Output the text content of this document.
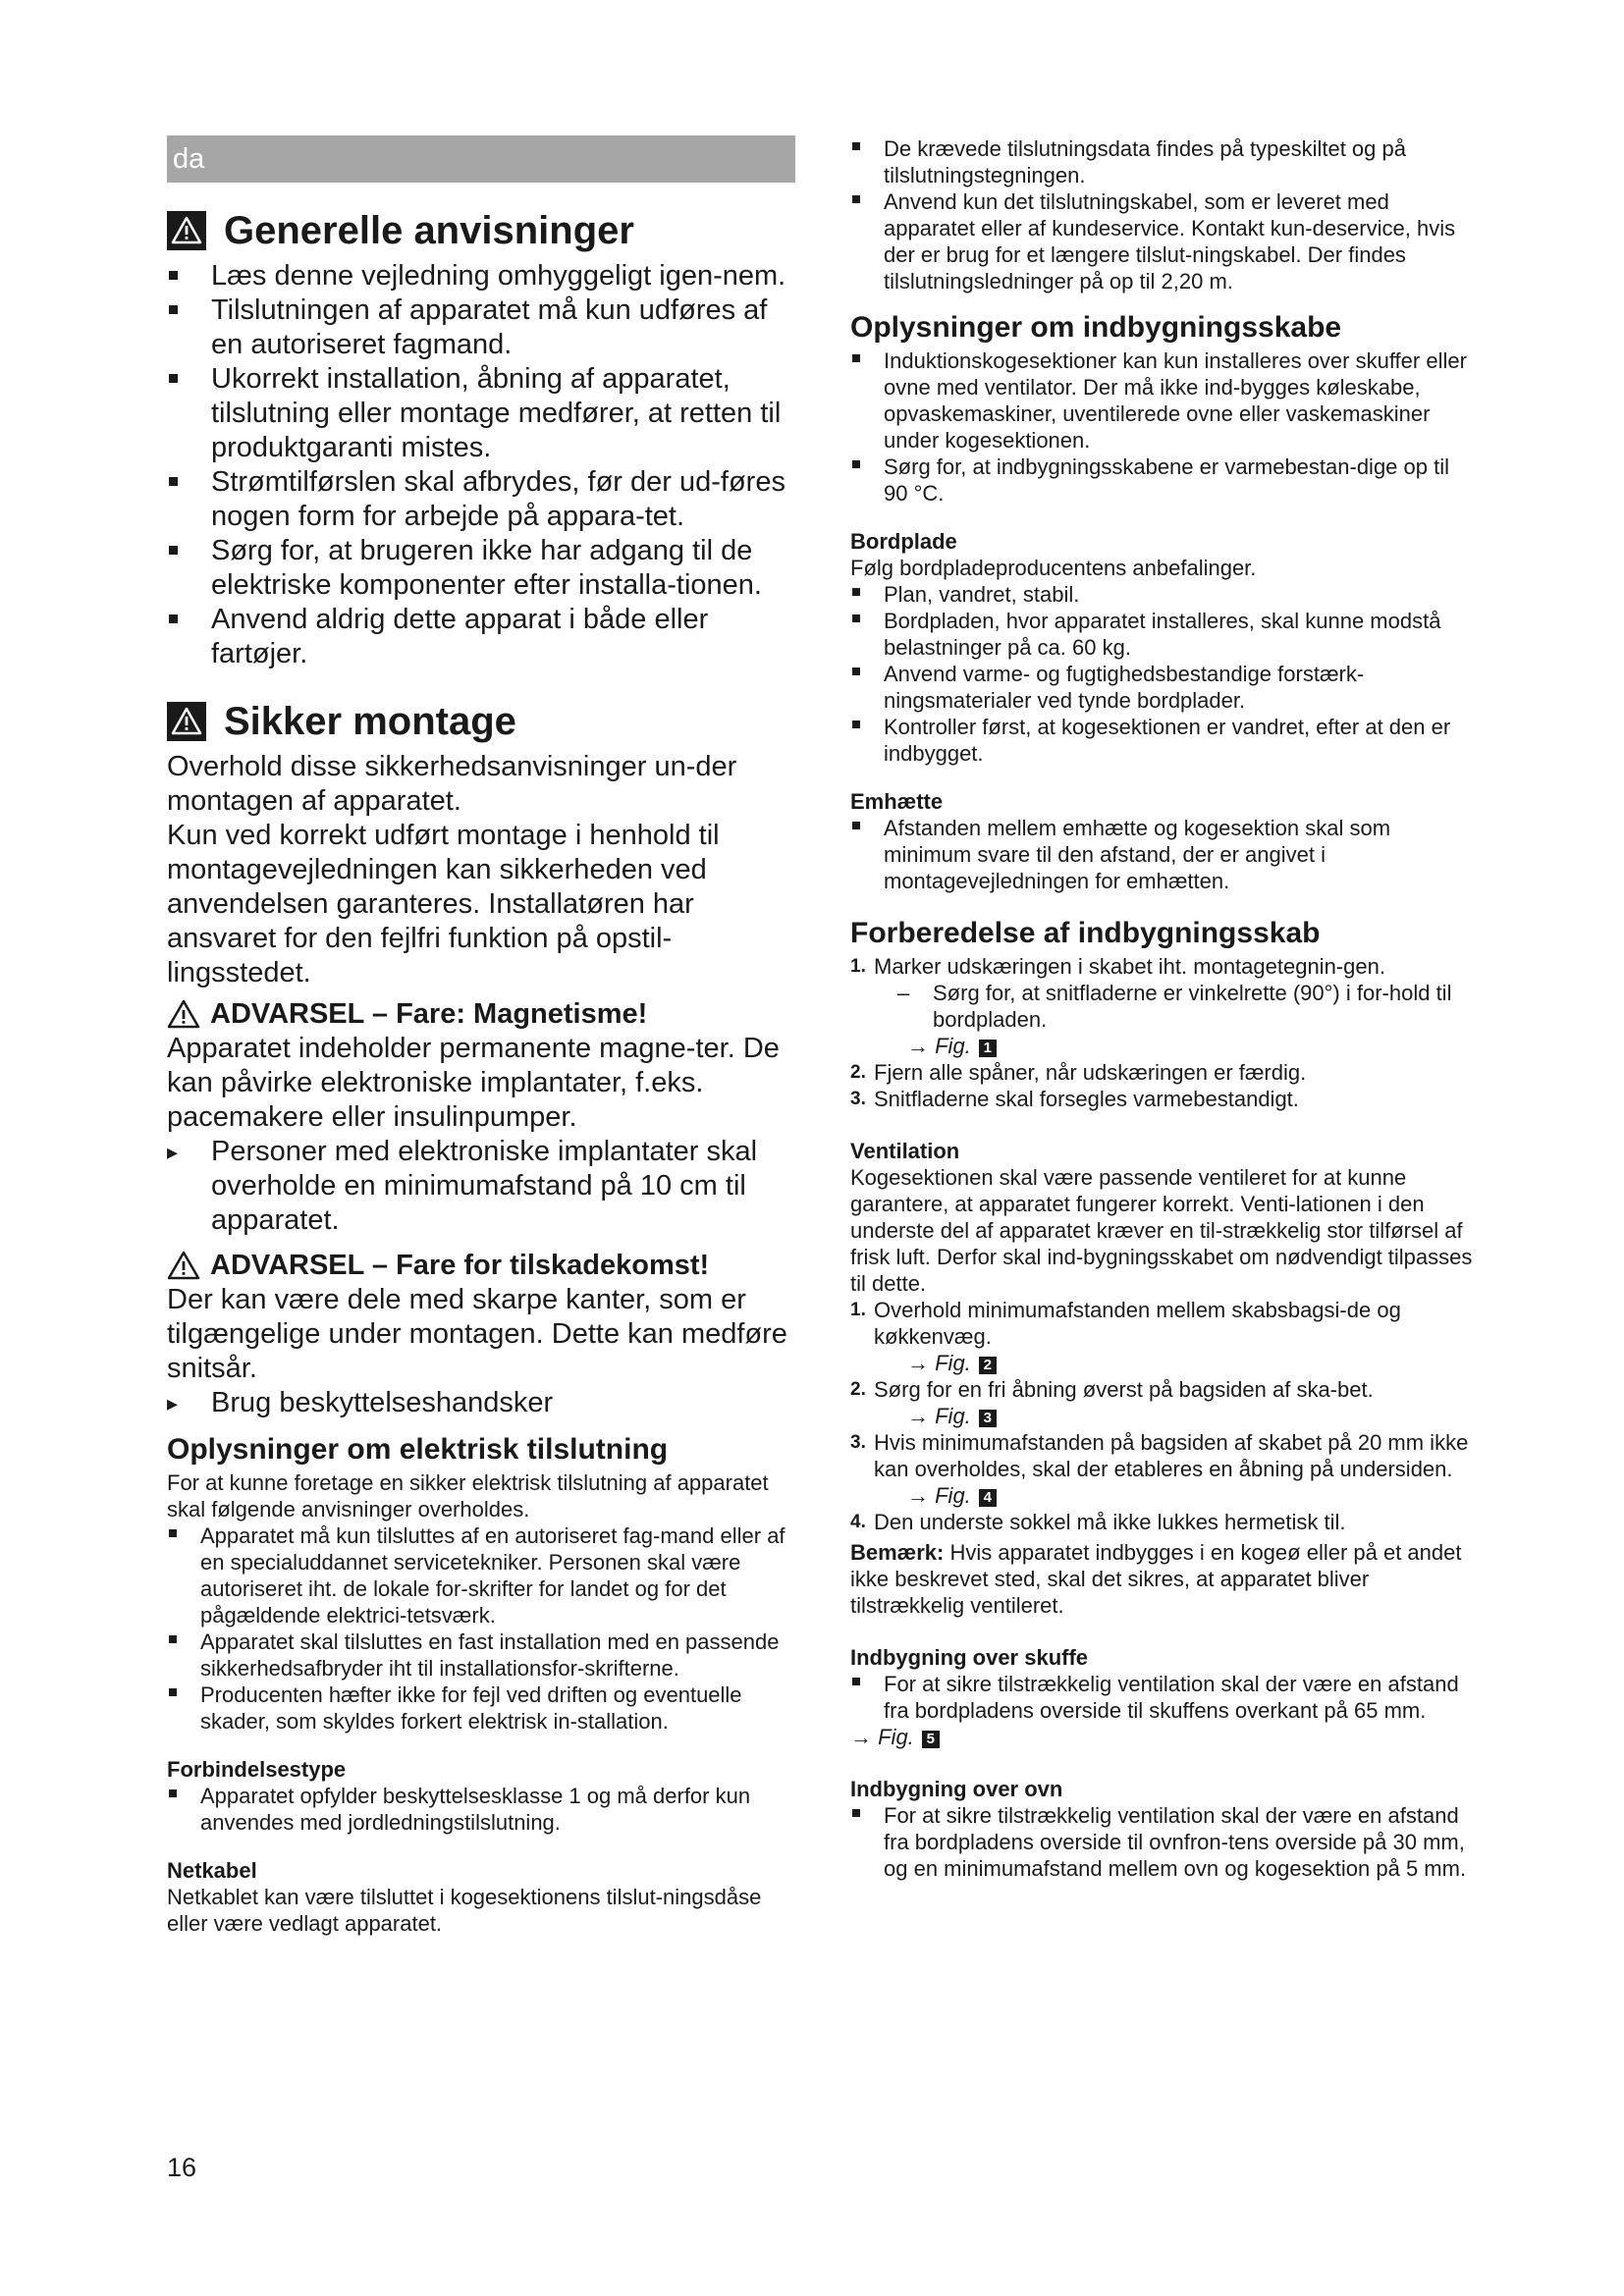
da
Generelle anvisninger
Læs denne vejledning omhyggeligt igen-nem.
Tilslutningen af apparatet må kun udføres af en autoriseret fagmand.
Ukorrekt installation, åbning af apparatet, tilslutning eller montage medfører, at retten til produktgaranti mistes.
Strømtilførslen skal afbrydes, før der ud-føres nogen form for arbejde på appara-tet.
Sørg for, at brugeren ikke har adgang til de elektriske komponenter efter installa-tionen.
Anvend aldrig dette apparat i både eller fartøjer.
Sikker montage

Overhold disse sikkerhedsanvisninger un-der montagen af apparatet.

Kun ved korrekt udført montage i henhold til montagevejledningen kan sikkerheden ved anvendelsen garanteres. Installatøren har ansvaret for den fejlfri funktion på opstil-lingsstedet.

ADVARSEL – Fare: Magnetisme!

Apparatet indeholder permanente magne-ter. De kan påvirke elektroniske implantater, f.eks. pacemakere eller insulinpumper.

▸ Personer med elektroniske implantater skal overholde en minimumafstand på 10 cm til apparatet.
ADVARSEL – Fare for tilskadekomst!

Der kan være dele med skarpe kanter, som er tilgængelige under montagen. Dette kan medføre snitsår.

▸ Brug beskyttelseshandsker
Oplysninger om elektrisk tilslutning

For at kunne foretage en sikker elektrisk tilslutning af apparatet skal følgende anvisninger overholdes.

Apparatet må kun tilsluttes af en autoriseret fag-mand eller af en specialuddannet servicetekniker. Personen skal være autoriseret iht. de lokale for-skrifter for landet og for det pågældende elektrici-tetsværk.
Apparatet skal tilsluttes en fast installation med en passende sikkerhedsafbryder iht til installationsfor-skrifterne.
Producenten hæfter ikke for fejl ved driften og eventuelle skader, som skyldes forkert elektrisk in-stallation.
Forbindelsestype
Apparatet opfylder beskyttelsesklasse 1 og må derfor kun anvendes med jordledningstilslutning.
Netkabel

Netkablet kan være tilsluttet i kogesektionens tilslut-ningsdåse eller være vedlagt apparatet.

De krævede tilslutningsdata findes på typeskiltet og på tilslutningstegningen.
Anvend kun det tilslutningskabel, som er leveret med apparatet eller af kundeservice. Kontakt kun-deservice, hvis der er brug for et længere tilslut-ningskabel. Der findes tilslutningsledninger på op til 2,20 m.
Oplysninger om indbygningsskabe
Induktionskogesektioner kan kun installeres over skuffer eller ovne med ventilator. Der må ikke ind-bygges køleskabe, opvaskemaskiner, uventilerede ovne eller vaskemaskiner under kogesektionen.
Sørg for, at indbygningsskabene er varmebestan-dige op til 90 °C.
Bordplade

Følg bordpladeproducentens anbefalinger.

Plan, vandret, stabil.
Bordpladen, hvor apparatet installeres, skal kunne modstå belastninger på ca. 60 kg.
Anvend varme- og fugtighedsbestandige forstærk-ningsmaterialer ved tynde bordplader.
Kontroller først, at kogesektionen er vandret, efter at den er indbygget.
Emhætte
Afstanden mellem emhætte og kogesektion skal som minimum svare til den afstand, der er angivet i montagevejledningen for emhætten.
Forberedelse af indbygningsskab
1. Marker udskæringen i skabet iht. montagetegnin-gen.
– Sørg for, at snitfladerne er vinkelrette (90°) i for-hold til bordpladen.
→ Fig. 1
2. Fjern alle spåner, når udskæringen er færdig.
3. Snitfladerne skal forsegles varmebestandigt.
Ventilation

Kogesektionen skal være passende ventileret for at kunne garantere, at apparatet fungerer korrekt. Venti-lationen i den underste del af apparatet kræver en til-strækkelig stor tilførsel af frisk luft. Derfor skal ind-bygningsskabet om nødvendigt tilpasses til dette.

1. Overhold minimumafstanden mellem skabsbagsi-de og køkkenvæg.
→ Fig. 2
2. Sørg for en fri åbning øverst på bagsiden af ska-bet.
→ Fig. 3
3. Hvis minimumafstanden på bagsiden af skabet på 20 mm ikke kan overholdes, skal der etableres en åbning på undersiden.
→ Fig. 4
4. Den underste sokkel må ikke lukkes hermetisk til.

Bemærk: Hvis apparatet indbygges i en kogeø eller på et andet ikke beskrevet sted, skal det sikres, at apparatet bliver tilstrækkelig ventileret.

Indbygning over skuffe
For at sikre tilstrækkelig ventilation skal der være en afstand fra bordpladens overside til skuffens overkant på 65 mm.
→ Fig. 5
Indbygning over ovn
For at sikre tilstrækkelig ventilation skal der være en afstand fra bordpladens overside til ovnfron-tens overside på 30 mm, og en minimumafstand mellem ovn og kogesektion på 5 mm.
16
